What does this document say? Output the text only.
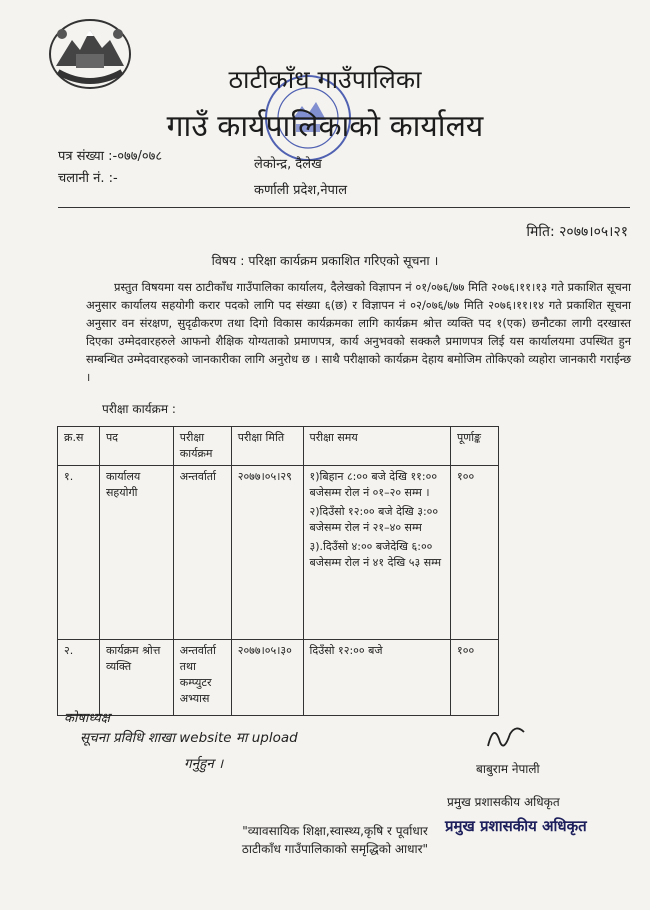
ठाटीकाँध गाउँपालिका
गाउँ कार्यपालिकाको कार्यालय
पत्र संख्या :-०७७/०७८
चलानी नं. :-
लेकोन्द्र, दैलेख
कर्णाली प्रदेश,नेपाल
मिति: २०७७।०५।२१
विषय : परिक्षा कार्यक्रम प्रकाशित गरिएको सूचना ।
प्रस्तुत विषयमा यस ठाटीकाँध गाउँपालिका कार्यालय, दैलेखको विज्ञापन नं ०१/०७६/७७ मिति २०७६।११।१३ गते प्रकाशित सूचना अनुसार कार्यालय सहयोगी करार पदको लागि पद संख्या ६(छ) र विज्ञापन नं ०२/०७६/७७ मिति २०७६।११।१४ गते प्रकाशित सूचना अनुसार वन संरक्षण, सुदृढीकरण तथा दिगो विकास कार्यक्रमका लागि कार्यक्रम श्रोत्त व्यक्ति पद १(एक) छनौटका लागी दरखास्त दिएका उम्मेदवारहरुले आफनो शैक्षिक योग्यताको प्रमाणपत्र, कार्य अनुभवको सक्कलै प्रमाणपत्र लिई यस कार्यालयमा उपस्थित हुन सम्बन्धित उम्मेदवारहरुको जानकारीका लागि अनुरोध छ । साथै परीक्षाको कार्यक्रम देहाय बमोजिम तोकिएको व्यहोरा जानकारी गराईन्छ ।
परीक्षा कार्यक्रम :
क्र.स	पद	परीक्षा कार्यक्रम	परीक्षा मिति	परीक्षा समय	पूर्णाङ्क
१.	कार्यालय सहयोगी	अन्तर्वार्ता	२०७७।०५।२९	१)बिहान ८:०० बजे देखि ११:०० बजेसम्म रोल नं ०१–२० सम्म ।
२)दिउँसो १२:०० बजे देखि ३:०० बजेसम्म रोल नं २१–४० सम्म
३).दिउँसो ४:०० बजेदेखि ६:०० बजेसम्म रोल नं ४१ देखि ५३ सम्म	१००
२.	कार्यक्रम श्रोत्त व्यक्ति	अन्तर्वार्ता तथा कम्प्युटर अभ्यास	२०७७।०५।३०	दिउँसो १२:०० बजे	१००
कोषाध्यक्ष
सूचना प्रविधि शाखा website मा upload
गर्नुहुन ।	बाबुराम नेपाली
प्रमुख प्रशासकीय अधिकृत
प्रमुख प्रशासकीय अधिकृत
"व्यावसायिक शिक्षा,स्वास्थ्य,कृषि र पूर्वाधार
ठाटीकाँध गाउँपालिकाको समृद्धिको आधार"
